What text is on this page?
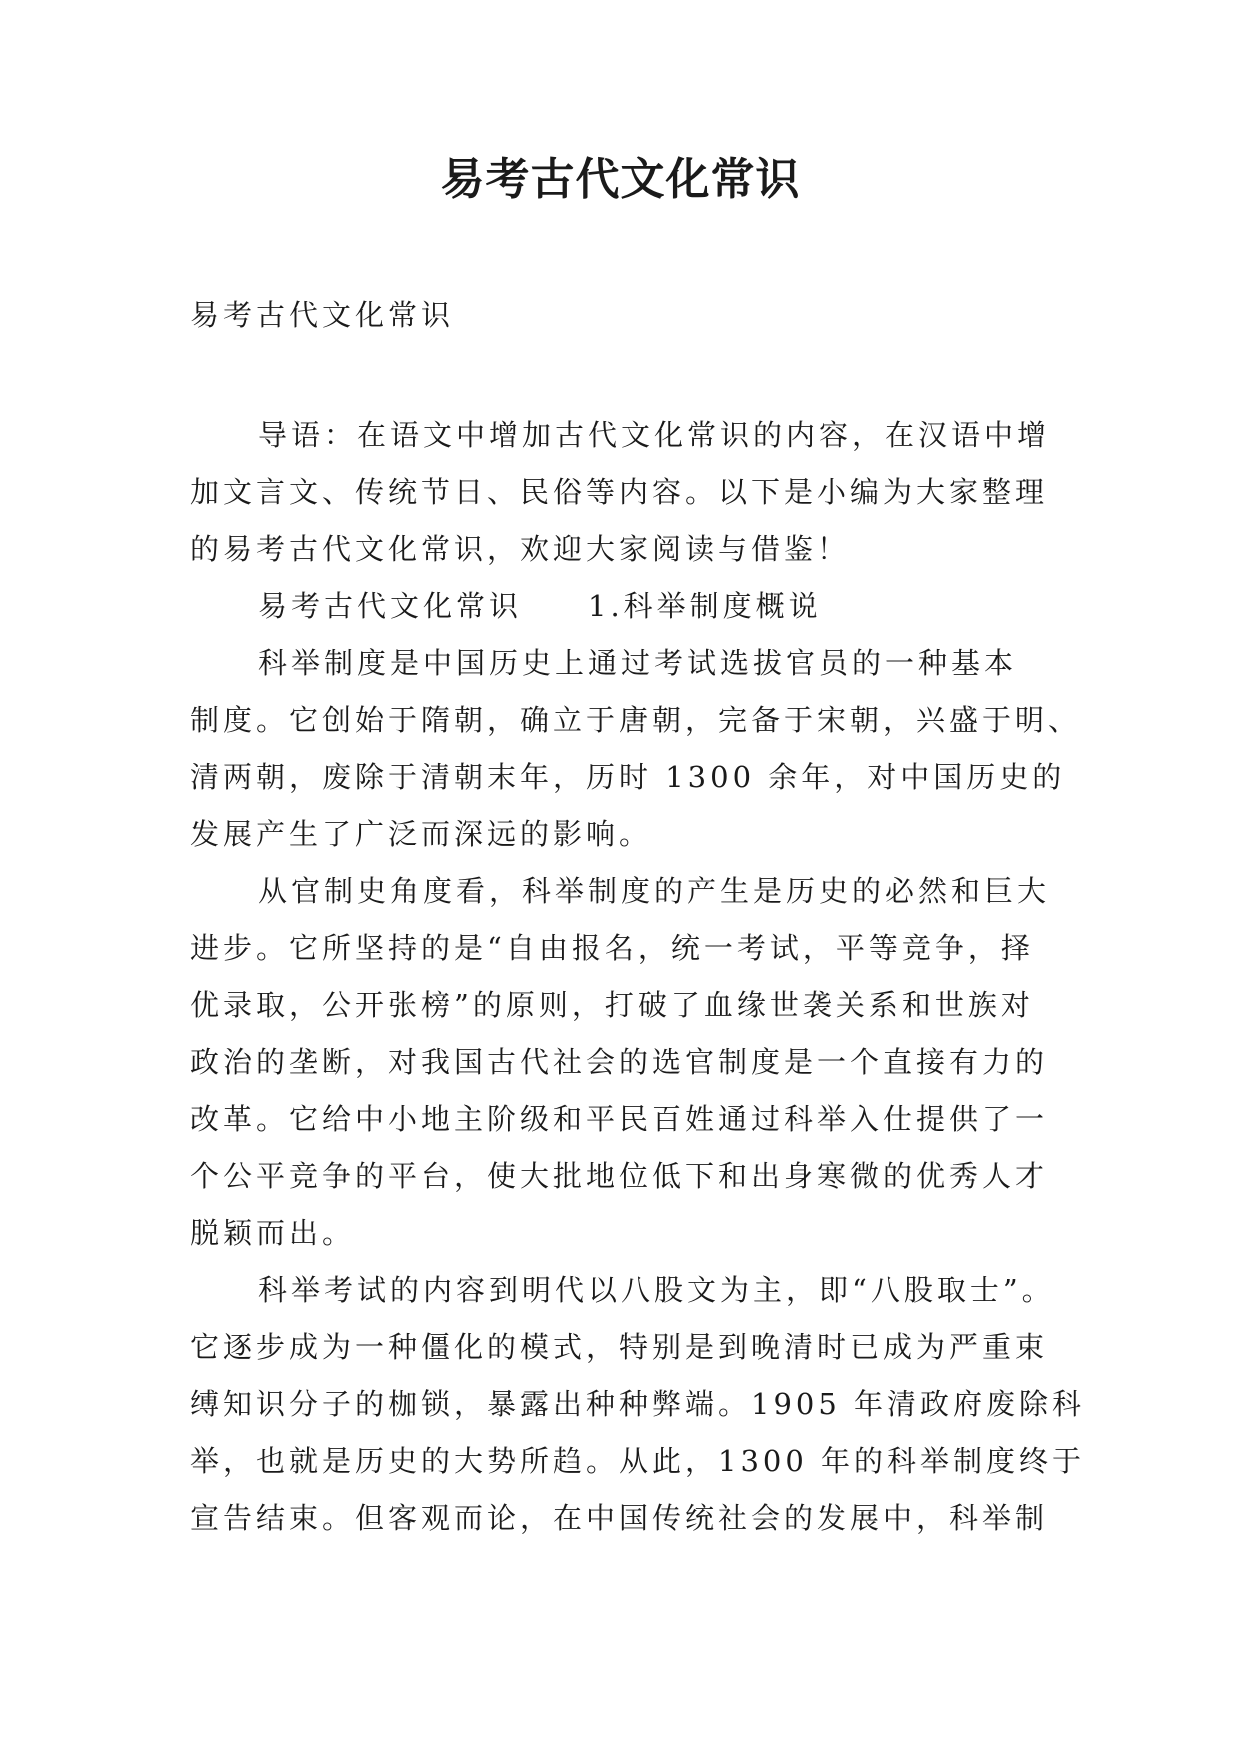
易考古代文化常识
易考古代文化常识
导语：在语文中增加古代文化常识的内容，在汉语中增
加文言文、传统节日、民俗等内容。以下是小编为大家整理
的易考古代文化常识，欢迎大家阅读与借鉴！
易考古代文化常识　　1.科举制度概说
科举制度是中国历史上通过考试选拔官员的一种基本
制度。它创始于隋朝，确立于唐朝，完备于宋朝，兴盛于明、
清两朝，废除于清朝末年，历时 1300 余年，对中国历史的
发展产生了广泛而深远的影响。
从官制史角度看，科举制度的产生是历史的必然和巨大
进步。它所坚持的是“自由报名，统一考试，平等竞争，择
优录取，公开张榜”的原则，打破了血缘世袭关系和世族对
政治的垄断，对我国古代社会的选官制度是一个直接有力的
改革。它给中小地主阶级和平民百姓通过科举入仕提供了一
个公平竞争的平台，使大批地位低下和出身寒微的优秀人才
脱颖而出。
科举考试的内容到明代以八股文为主，即“八股取士”。
它逐步成为一种僵化的模式，特别是到晚清时已成为严重束
缚知识分子的枷锁，暴露出种种弊端。1905 年清政府废除科
举，也就是历史的大势所趋。从此，1300 年的科举制度终于
宣告结束。但客观而论，在中国传统社会的发展中，科举制
